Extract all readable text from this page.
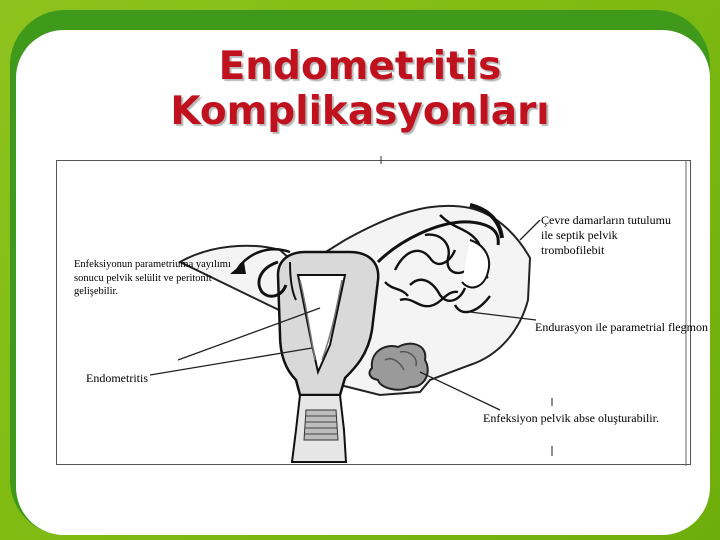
Endometritis
Komplikasyonları
Enfeksiyonun parametriuma yayılımı sonucu pelvik selülit ve peritonit gelişebilir.
Çevre damarların tutulumu ile septik pelvik trombofilebit
Endurasyon ile parametrial flegmon
Endometritis
Enfeksiyon pelvik abse oluşturabilir.
